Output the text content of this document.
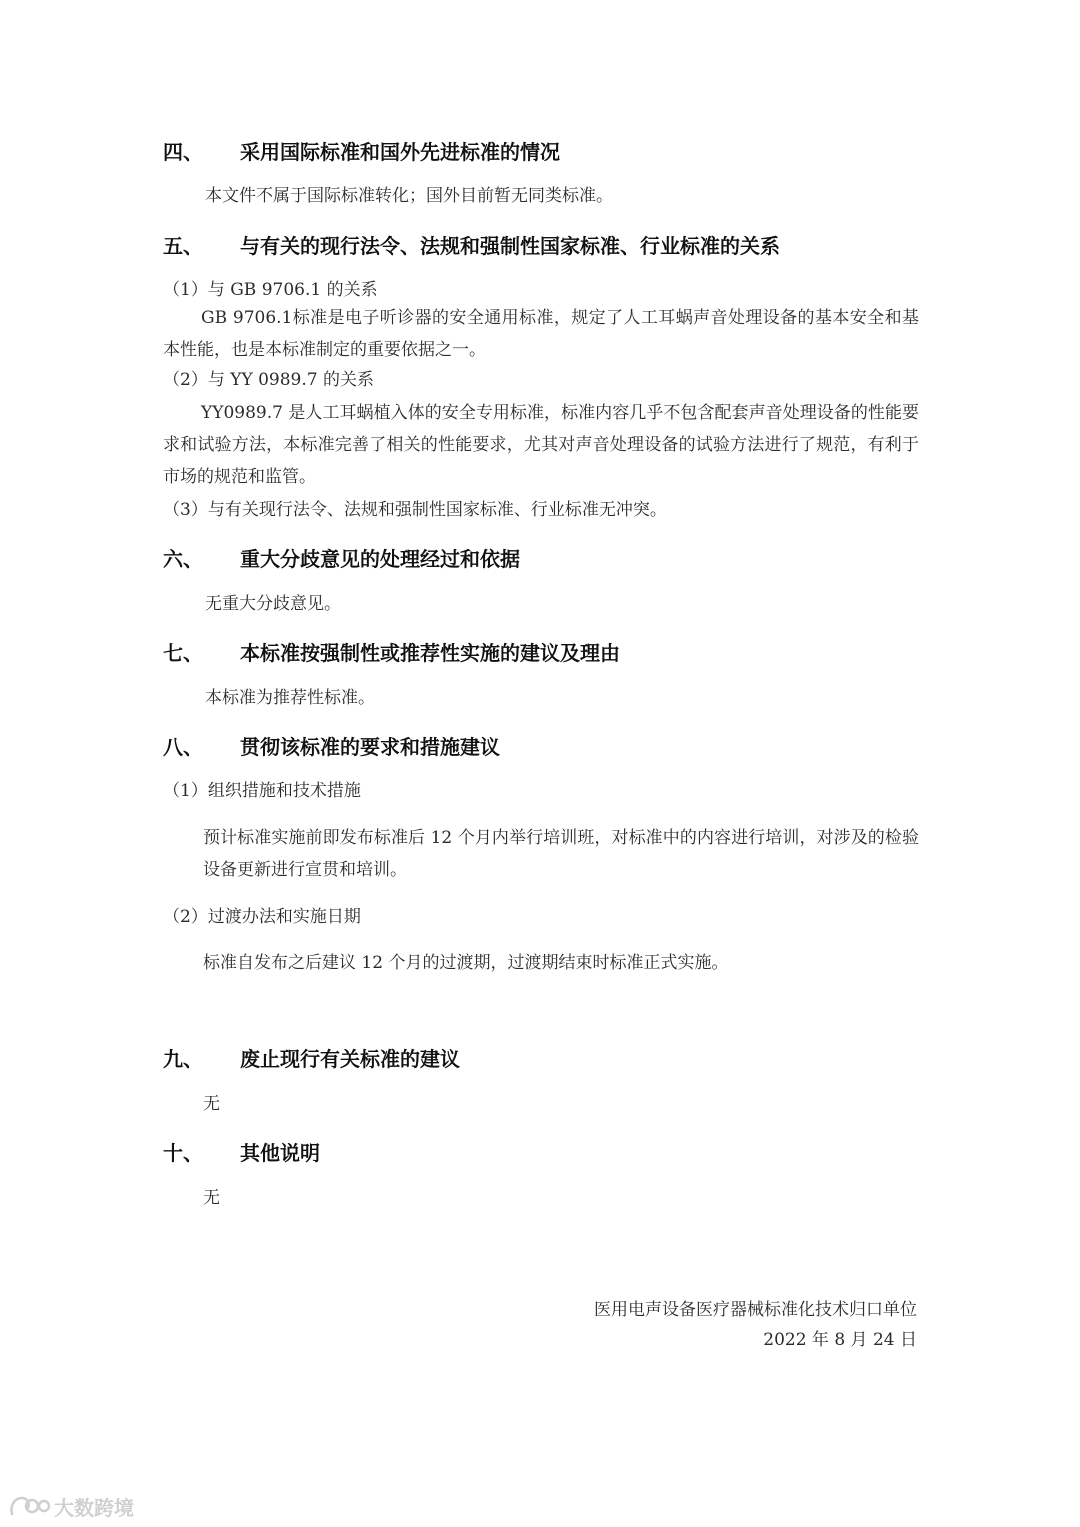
四、 采用国际标准和国外先进标准的情况
本文件不属于国际标准转化；国外目前暂无同类标准。
五、 与有关的现行法令、法规和强制性国家标准、行业标准的关系
（1）与 GB 9706.1 的关系
GB 9706.1标准是电子听诊器的安全通用标准，规定了人工耳蜗声音处理设备的基本安全和基本性能，也是本标准制定的重要依据之一。
（2）与 YY 0989.7 的关系
YY0989.7 是人工耳蜗植入体的安全专用标准，标准内容几乎不包含配套声音处理设备的性能要求和试验方法，本标准完善了相关的性能要求，尤其对声音处理设备的试验方法进行了规范，有利于市场的规范和监管。
（3）与有关现行法令、法规和强制性国家标准、行业标准无冲突。
六、 重大分歧意见的处理经过和依据
无重大分歧意见。
七、 本标准按强制性或推荐性实施的建议及理由
本标准为推荐性标准。
八、 贯彻该标准的要求和措施建议
（1）组织措施和技术措施
预计标准实施前即发布标准后 12 个月内举行培训班，对标准中的内容进行培训，对涉及的检验设备更新进行宣贯和培训。
（2）过渡办法和实施日期
标准自发布之后建议 12 个月的过渡期，过渡期结束时标准正式实施。
九、 废止现行有关标准的建议
无
十、 其他说明
无
医用电声设备医疗器械标准化技术归口单位
2022 年 8 月 24 日
大数跨境
